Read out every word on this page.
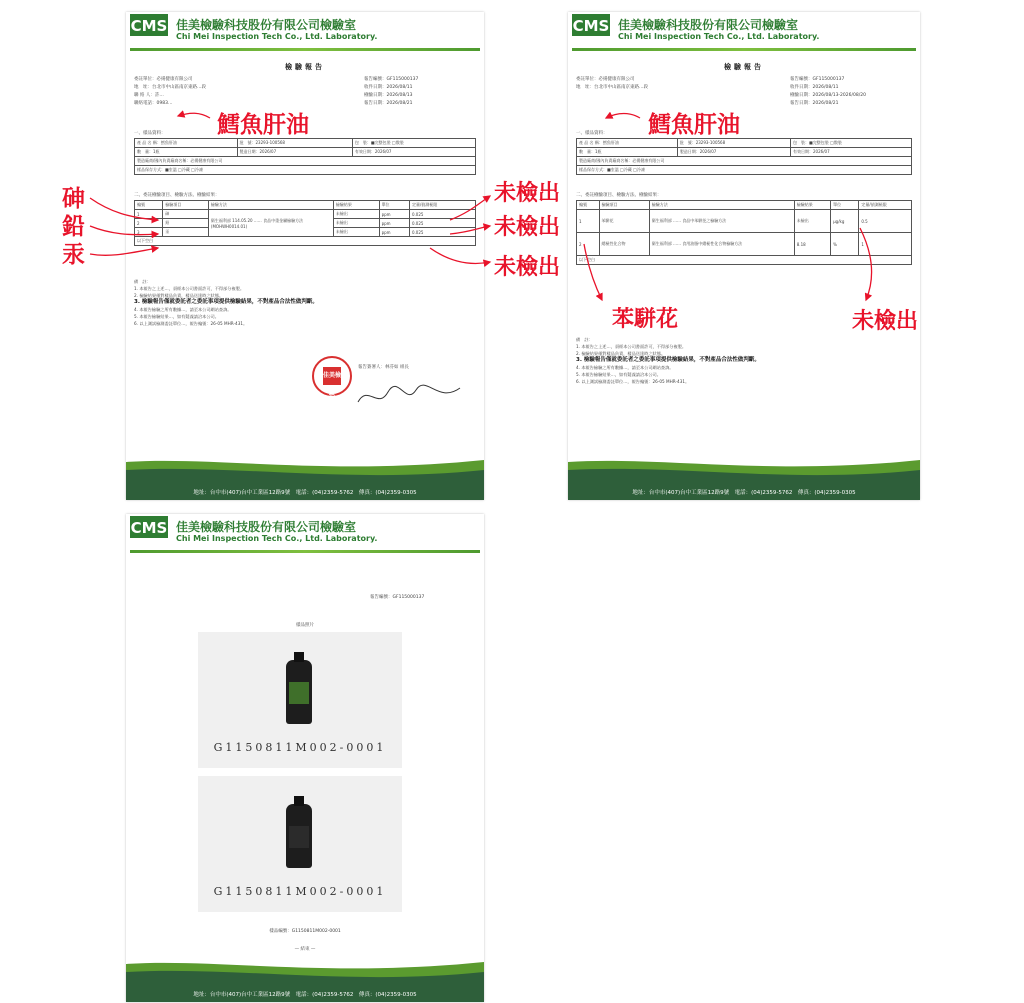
CMS 佳美檢驗科技股份有限公司檢驗室
Chi Mei Inspection Tech Co., Ltd. Laboratory.
檢驗報告
委託單位：必揚健康有限公司
地　址：台北市中山區南京東路…段
聯 絡 人：許…
聯絡電話：0983…
報告編號：GF115000137
收件日期：2026/08/11
檢驗日期：2026/08/13
報告日期：2026/08/21
一、樣品資料：
產 品 名 稱：鱈魚肝油	批　號：23293-100568	包　裝：■完整包裝 □散裝
數　量：1瓶	製造日期：2026/07	有效日期：2026/07
製造廠商/國內負責廠商名稱：必揚健康有限公司		
樣品保存方式：■室溫 □冷藏 □冷凍		
二、委託檢驗項目、檢驗方法、檢驗結果：
編號	檢驗項目	檢驗方法	檢驗結果	單位	定量/偵測極限
1	砷	衛生福利部 114.05.20 …… 食品中重金屬檢驗方法(MOHWH0014.01)	未檢出	ppm	0.025
2	鉛		未檢出	ppm	0.025
3	汞		未檢出	ppm	0.025
以下空白					
備　註：
1. 本報告之上述…，須經本公司書面許可，不得部分複製。
2. 檢驗結果僅對樣品負責，樣品送達時之狀態。
3. 檢驗報告僅就委託者之委託事項提供檢驗結果，不對產品合法性做判斷。
4. 本報告檢驗之所有數據…，請至本公司網站查詢。
5. 本報告檢驗結果…，如有疑義請洽本公司。
6. 以上測試檢測委託單位…，報告編號：26-05 MHR-431。
佳美檢驗
報告簽署人：林芬如 組長
地址：台中市(407)台中工業區12路9號　電話：(04)2359-5762　傳真：(04)2359-0305
CMS 佳美檢驗科技股份有限公司檢驗室
Chi Mei Inspection Tech Co., Ltd. Laboratory.
檢驗報告
委託單位：必揚健康有限公司
地　址：台北市中山區南京東路…段
報告編號：GF115000137
收件日期：2026/08/11
檢驗日期：2026/08/13-2026/08/20
報告日期：2026/08/21
一、樣品資料：
產 品 名 稱：鱈魚肝油	批　號：23293-100568	包　裝：■完整包裝 □散裝
數　量：1瓶	製造日期：2026/07	有效日期：2026/07
製造廠商/國內負責廠商名稱：必揚健康有限公司		
樣品保存方式：■室溫 □冷藏 □冷凍		
二、委託檢驗項目、檢驗方法、檢驗結果：
編號	檢驗項目	檢驗方法	檢驗結果	單位	定量/偵測極限
1	苯駢花	衛生福利部 …… 食品中苯駢芘之檢驗方法	未檢出	μg/kg	0.5
2	總極性化合物	衛生福利部 …… 食用油脂中總極性化合物檢驗方法	8.18	%	1
以下空白					
備　註：
1. 本報告之上述…，須經本公司書面許可，不得部分複製。
2. 檢驗結果僅對樣品負責，樣品送達時之狀態。
3. 檢驗報告僅就委託者之委託事項提供檢驗結果，不對產品合法性做判斷。
4. 本報告檢驗之所有數據…，請至本公司網站查詢。
5. 本報告檢驗結果…，如有疑義請洽本公司。
6. 以上測試檢測委託單位…，報告編號：26-05 MHR-431。
地址：台中市(407)台中工業區12路9號　電話：(04)2359-5762　傳真：(04)2359-0305
CMS 佳美檢驗科技股份有限公司檢驗室
Chi Mei Inspection Tech Co., Ltd. Laboratory.
報告編號：GF115000137
樣品照片
G1150811M002-0001
G1150811M002-0001
樣品編號：G1150811M002-0001
— 結束 —
地址：台中市(407)台中工業區12路9號　電話：(04)2359-5762　傳真：(04)2359-0305
鱈魚肝油	鱈魚肝油
砷
鉛
汞
未檢出
未檢出
未檢出
苯駢花	未檢出
